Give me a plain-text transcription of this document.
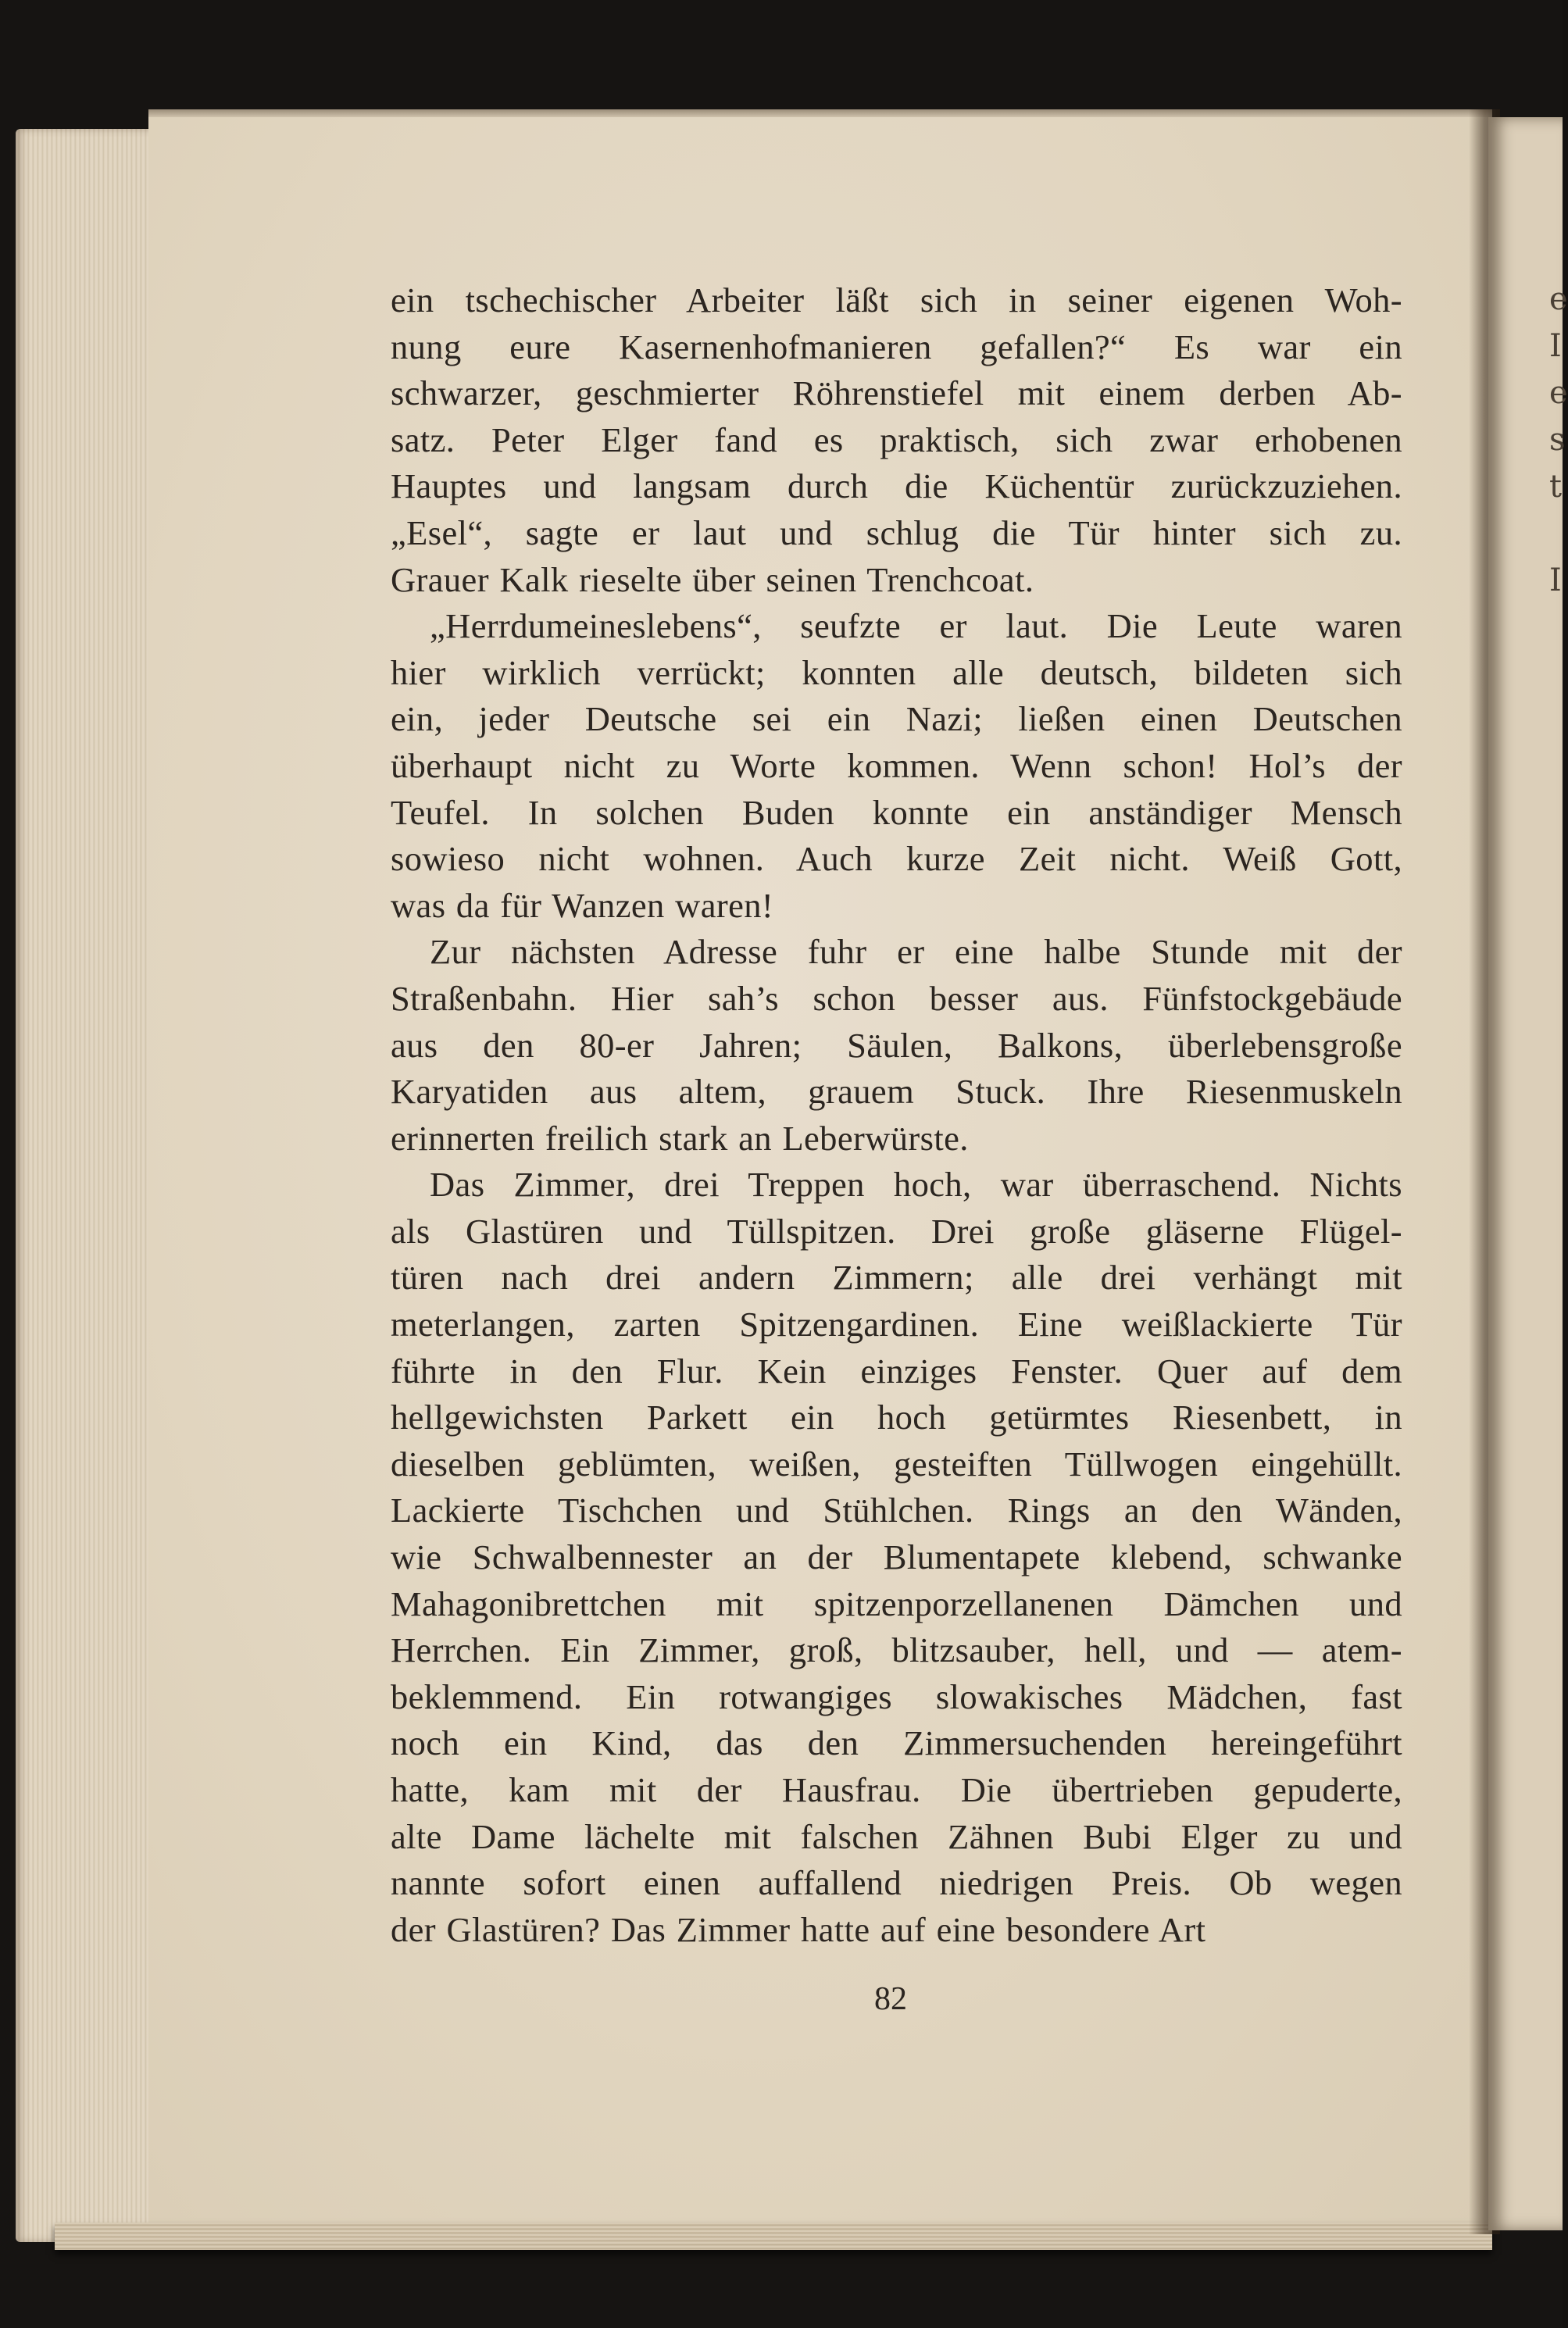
e
I
e
s
t
I
ein tschechischer Arbeiter läßt sich in seiner eigenen Woh-
nung eure Kasernenhofmanieren gefallen?“ Es war ein
schwarzer, geschmierter Röhrenstiefel mit einem derben Ab-
satz. Peter Elger fand es praktisch, sich zwar erhobenen
Hauptes und langsam durch die Küchentür zurückzuziehen.
„Esel“, sagte er laut und schlug die Tür hinter sich zu.
Grauer Kalk rieselte über seinen Trenchcoat.
„Herrdumeineslebens“, seufzte er laut. Die Leute waren
hier wirklich verrückt; konnten alle deutsch, bildeten sich
ein, jeder Deutsche sei ein Nazi; ließen einen Deutschen
überhaupt nicht zu Worte kommen. Wenn schon! Hol’s der
Teufel. In solchen Buden konnte ein anständiger Mensch
sowieso nicht wohnen. Auch kurze Zeit nicht. Weiß Gott,
was da für Wanzen waren!
Zur nächsten Adresse fuhr er eine halbe Stunde mit der
Straßenbahn. Hier sah’s schon besser aus. Fünfstockgebäude
aus den 80-er Jahren; Säulen, Balkons, überlebensgroße
Karyatiden aus altem, grauem Stuck. Ihre Riesenmuskeln
erinnerten freilich stark an Leberwürste.
Das Zimmer, drei Treppen hoch, war überraschend. Nichts
als Glastüren und Tüllspitzen. Drei große gläserne Flügel-
türen nach drei andern Zimmern; alle drei verhängt mit
meterlangen, zarten Spitzengardinen. Eine weißlackierte Tür
führte in den Flur. Kein einziges Fenster. Quer auf dem
hellgewichsten Parkett ein hoch getürmtes Riesenbett, in
dieselben geblümten, weißen, gesteiften Tüllwogen eingehüllt.
Lackierte Tischchen und Stühlchen. Rings an den Wänden,
wie Schwalbennester an der Blumentapete klebend, schwanke
Mahagonibrettchen mit spitzenporzellanenen Dämchen und
Herrchen. Ein Zimmer, groß, blitzsauber, hell, und — atem-
beklemmend. Ein rotwangiges slowakisches Mädchen, fast
noch ein Kind, das den Zimmersuchenden hereingeführt
hatte, kam mit der Hausfrau. Die übertrieben gepuderte,
alte Dame lächelte mit falschen Zähnen Bubi Elger zu und
nannte sofort einen auffallend niedrigen Preis. Ob wegen
der Glastüren? Das Zimmer hatte auf eine besondere Art
82
